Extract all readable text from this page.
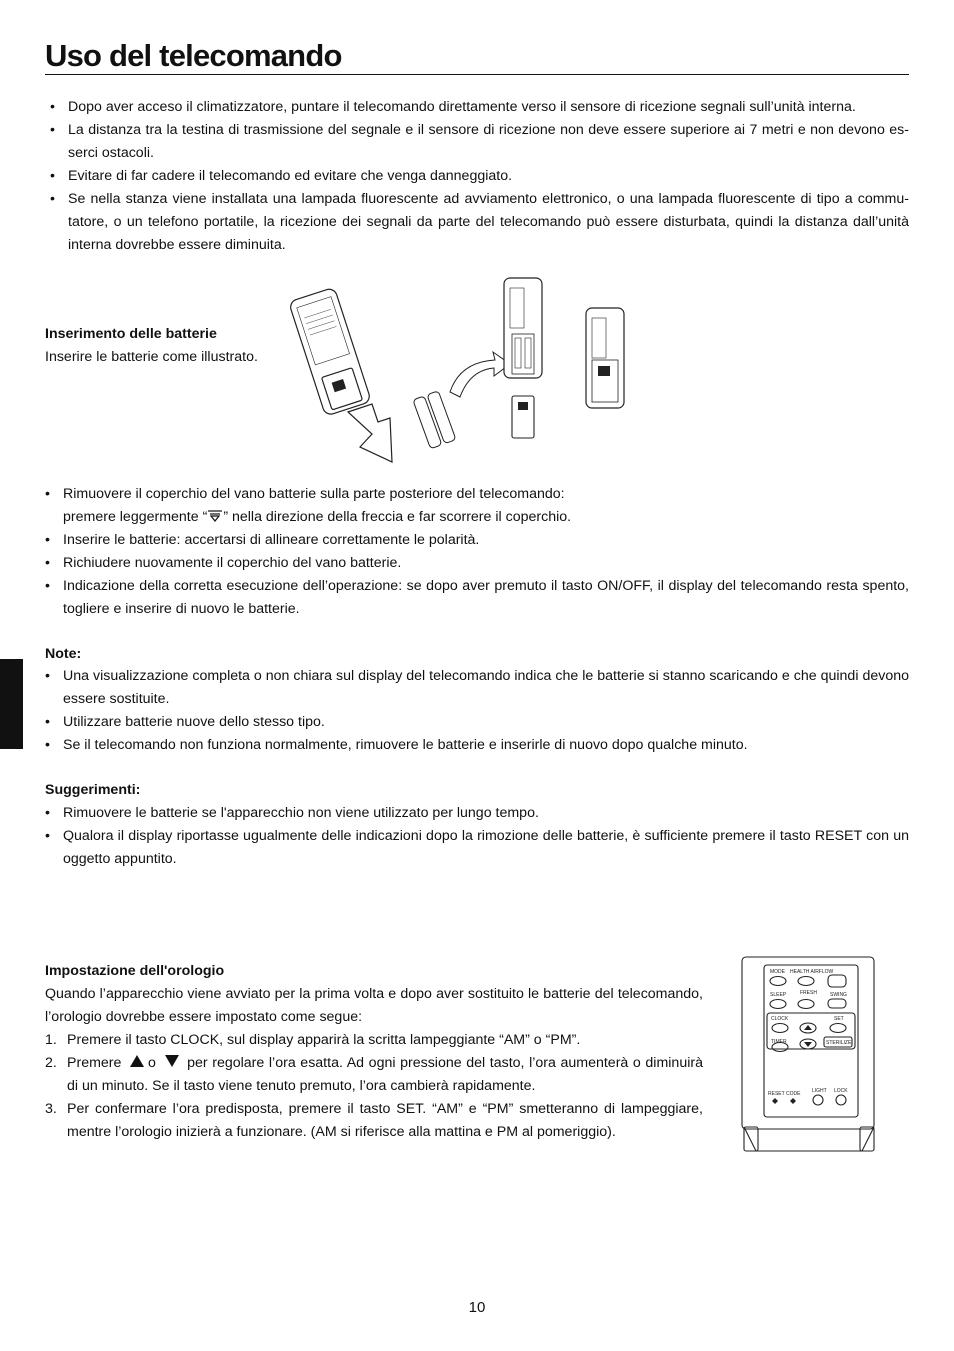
Uso del telecomando
• Dopo aver acceso il climatizzatore, puntare il telecomando direttamente verso il sensore di ricezione segnali sull’unità interna.
• La distanza tra la testina di trasmissione del segnale e il sensore di ricezione non deve essere superiore ai 7 metri e non devono esserci ostacoli.
• Evitare di far cadere il telecomando ed evitare che venga danneggiato.
• Se nella stanza viene installata una lampada fluorescente ad avviamento elettronico, o una lampada fluorescente di tipo a commutatore, o un telefono portatile, la ricezione dei segnali da parte del telecomando può essere disturbata, quindi la distanza dall’unità interna dovrebbe essere diminuita.
Inserimento delle batterie
Inserire le batterie come illustrato.
• Rimuovere il coperchio del vano batterie sulla parte posteriore del telecomando:
premere leggermente “ ” nella direzione della freccia e far scorrere il coperchio.
• Inserire le batterie: accertarsi di allineare correttamente le polarità.
• Richiudere nuovamente il coperchio del vano batterie.
• Indicazione della corretta esecuzione dell’operazione: se dopo aver premuto il tasto ON/OFF, il display del telecomando resta spento, togliere e inserire di nuovo le batterie.
Note:
• Una visualizzazione completa o non chiara sul display del telecomando indica che le batterie si stanno scaricando e che quindi devono essere sostituite.
• Utilizzare batterie nuove dello stesso tipo.
• Se il telecomando non funziona normalmente, rimuovere le batterie e inserirle di nuovo dopo qualche minuto.
Suggerimenti:
• Rimuovere le batterie se l'apparecchio non viene utilizzato per lungo tempo.
• Qualora il display riportasse ugualmente delle indicazioni dopo la rimozione delle batterie, è sufficiente premere il tasto RESET con un oggetto appuntito.
Impostazione dell'orologio
Quando l’apparecchio viene avviato per la prima volta e dopo aver sostituito le batterie del telecomando, l’orologio dovrebbe essere impostato come segue:
1. Premere il tasto CLOCK, sul display apparirà la scritta lampeggiante “AM” o “PM”.
2. Premere o per regolare l’ora esatta. Ad ogni pressione del tasto, l’ora aumenterà o diminuirà di un minuto. Se il tasto viene tenuto premuto, l’ora cambierà rapidamente.
3. Per confermare l’ora predisposta, premere il tasto SET. “AM” e “PM” smetteranno di lampeggiare, mentre l’orologio inizierà a funzionare. (AM si riferisce alla mattina e PM al pomeriggio).
MODE HEALTH AIRFLOW
SLEEP	FRESH	SWING
CLOCK	SET
TIMER	STERILIZE
RESET CODE LIGHT LOCK
10
